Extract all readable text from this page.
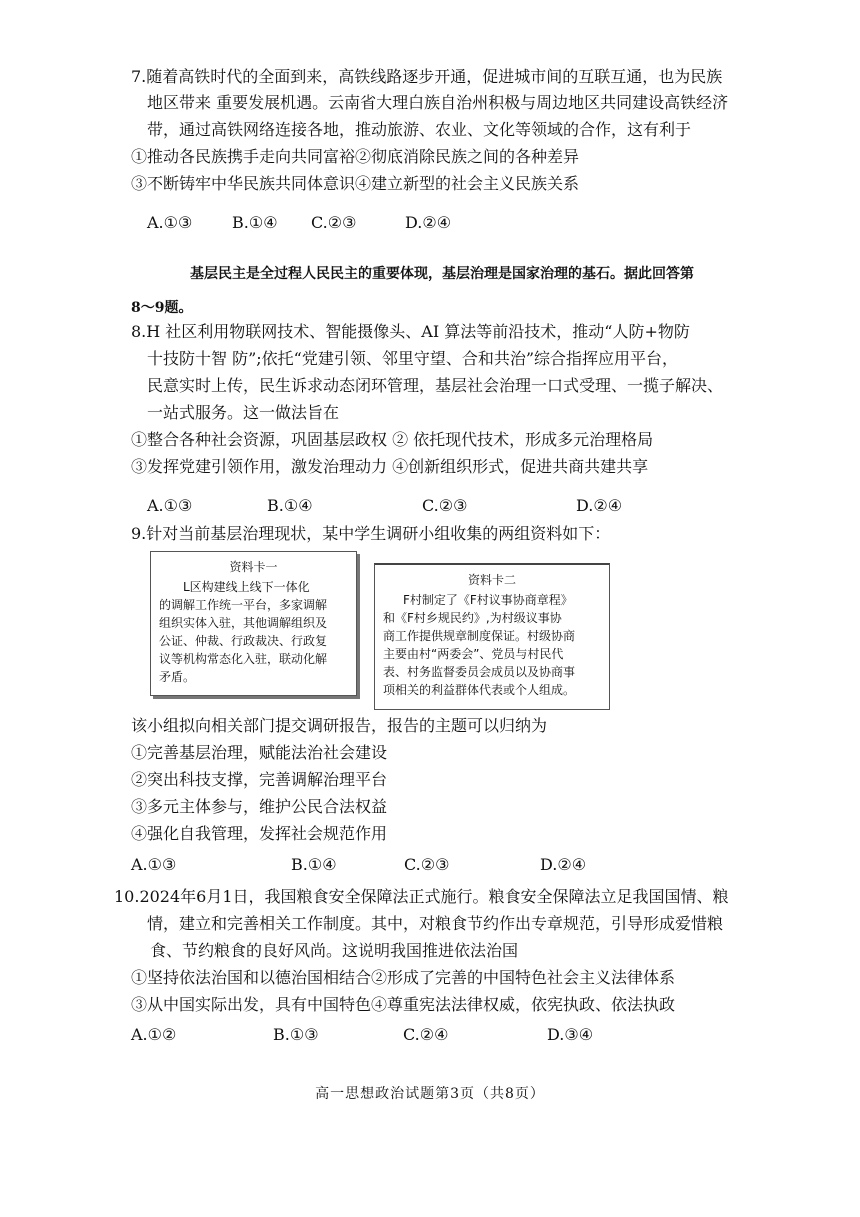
7.随着高铁时代的全面到来，高铁线路逐步开通，促进城市间的互联互通，也为民族
地区带来 重要发展机遇。云南省大理白族自治州积极与周边地区共同建设高铁经济
带，通过高铁网络连接各地，推动旅游、农业、文化等领域的合作，这有利于
①推动各民族携手走向共同富裕②彻底消除民族之间的各种差异
③不断铸牢中华民族共同体意识④建立新型的社会主义民族关系
A.①③ B.①④ C.②③	D.②④
基层民主是全过程人民民主的重要体现，基层治理是国家治理的基石。据此回答第
8～9题。
8.H 社区利用物联网技术、智能摄像头、AI 算法等前沿技术，推动“人防+物防
十技防十智 防”;依托“党建引领、邻里守望、合和共治”综合指挥应用平台，
民意实时上传，民生诉求动态闭环管理，基层社会治理一口式受理、一揽子解决、
一站式服务。这一做法旨在
①整合各种社会资源，巩固基层政权 ② 依托现代技术，形成多元治理格局
③发挥党建引领作用，激发治理动力 ④创新组织形式，促进共商共建共享
A.①③	B.①④	C.②③	D.②④
9.针对当前基层治理现状，某中学生调研小组收集的两组资料如下：
资料卡一
L区构建线上线下一体化
的调解工作统一平台，多家调解
组织实体入驻，其他调解组织及
公证、仲裁、行政裁决、行政复
议等机构常态化入驻，联动化解
矛盾。
资料卡二
F村制定了《F村议事协商章程》
和《F村乡规民约》,为村级议事协
商工作提供规章制度保证。村级协商
主要由村“两委会”、党员与村民代
表、村务监督委员会成员以及协商事
项相关的利益群体代表或个人组成。
该小组拟向相关部门提交调研报告，报告的主题可以归纳为
①完善基层治理，赋能法治社会建设
②突出科技支撑，完善调解治理平台
③多元主体参与，维护公民合法权益
④强化自我管理，发挥社会规范作用
A.①③	B.①④	C.②③	D.②④
10.2024年6月1日，我国粮食安全保障法正式施行。粮食安全保障法立足我国国情、粮
情，建立和完善相关工作制度。其中，对粮食节约作出专章规范，引导形成爱惜粮
食、节约粮食的良好风尚。这说明我国推进依法治国
①坚持依法治国和以德治国相结合②形成了完善的中国特色社会主义法律体系
③从中国实际出发，具有中国特色④尊重宪法法律权威，依宪执政、依法执政
A.①②	B.①③	C.②④	D.③④
高一思想政治试题第3页（共8页）
